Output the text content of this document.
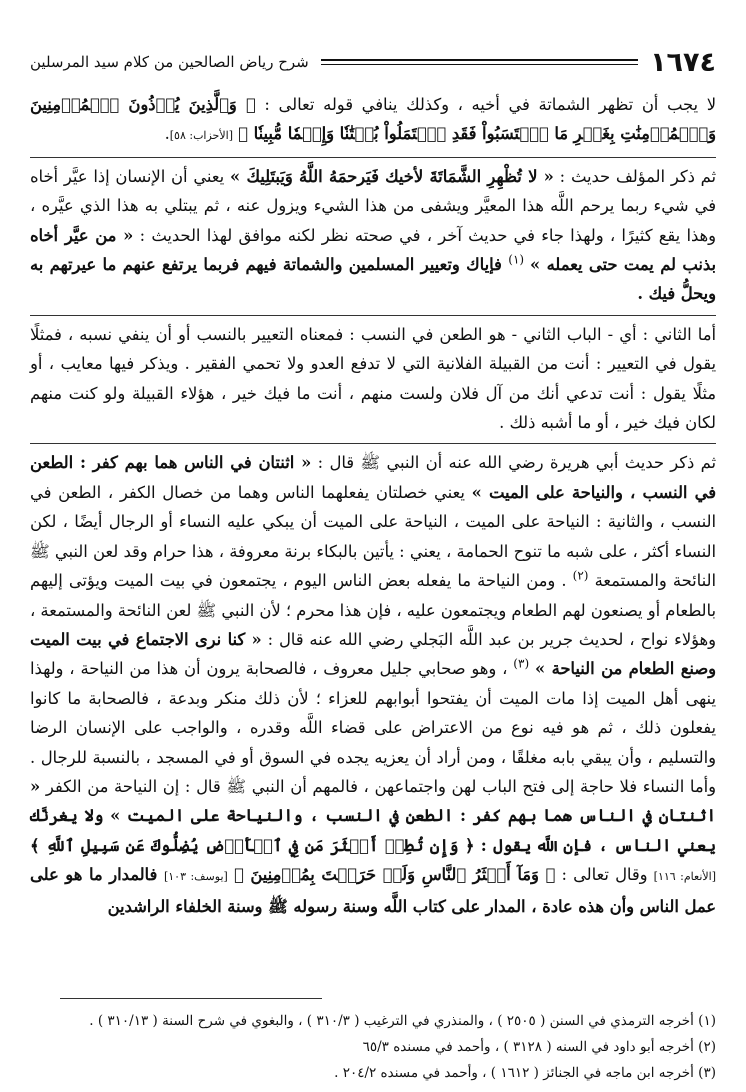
١٦٧٤
شرح رياض الصالحين من كلام سيد المرسلين

لا يجب أن تظهر الشماتة في أخيه ، وكذلك ينافي قوله تعالى : ﴿ وَٱلَّذِينَ يُؤۡذُونَ ٱلۡمُؤۡمِنِينَ وَٱلۡمُؤۡمِنَٰتِ بِغَيۡرِ مَا ٱكۡتَسَبُواْ فَقَدِ ٱحۡتَمَلُواْ بُهۡتَٰنٗا وَإِثۡمٗا مُّبِينٗا ﴾ [الأحزاب: ٥٨].

ثم ذكر المؤلف حديث : « لا تُظْهِرِ الشَّمَاتَةَ لأخيك فَيَرحمَهُ اللَّهُ وَيَبتَلِيكَ » يعني أن الإنسان إذا عيَّر أخاه في شيء ربما يرحم اللَّه هذا المعيَّر ويشفى من هذا الشيء ويزول عنه ، ثم يبتلي به هذا الذي عيَّره ، وهذا يقع كثيرًا ، ولهذا جاء في حديث آخر ، في صحته نظر لكنه موافق لهذا الحديث : « من عيَّر أخاه بذنب لم يمت حتى يعمله » $^{(١)}$ فإياك وتعيير المسلمين والشماتة فيهم فربما يرتفع عنهم ما عيرتهم به ويحلُّ فيك .

أما الثاني : أي - الباب الثاني - هو الطعن في النسب : فمعناه التعيير بالنسب أو أن ينفي نسبه ، فمثلًا يقول في التعيير : أنت من القبيلة الفلانية التي لا تدفع العدو ولا تحمي الفقير . ويذكر فيها معايب ، أو مثلًا يقول : أنت تدعي أنك من آل فلان ولست منهم ، أنت ما فيك خير ، هؤلاء القبيلة ولو كنت منهم لكان فيك خير ، أو ما أشبه ذلك .

ثم ذكر حديث أبي هريرة رضي الله عنه أن النبي ﷺ قال : « اثنتان في الناس هما بهم كفر : الطعن في النسب ، والنياحة على الميت » يعني خصلتان يفعلهما الناس وهما من خصال الكفر ، الطعن في النسب ، والثانية : النياحة على الميت ، النياحة على الميت أن يبكي عليه النساء أو الرجال أيضًا ، لكن النساء أكثر ، على شبه ما تنوح الحمامة ، يعني : يأتين بالبكاء برنة معروفة ، هذا حرام وقد لعن النبي ﷺ النائحة والمستمعة $^{(٢)}$ . ومن النياحة ما يفعله بعض الناس اليوم ، يجتمعون في بيت الميت ويؤتى إليهم بالطعام أو يصنعون لهم الطعام ويجتمعون عليه ، فإن هذا محرم ؛ لأن النبي ﷺ لعن النائحة والمستمعة ، وهؤلاء نواح ، لحديث جرير بن عبد اللَّه البَجلي رضي الله عنه قال : « كنا نرى الاجتماع في بيت الميت وصنع الطعام من النياحة » $^{(٣)}$ ، وهو صحابي جليل معروف ، فالصحابة يرون أن هذا من النياحة ، ولهذا ينهى أهل الميت إذا مات الميت أن يفتحوا أبوابهم للعزاء ؛ لأن ذلك منكر وبدعة ، فالصحابة ما كانوا يفعلون ذلك ، ثم هو فيه نوع من الاعتراض على قضاء اللَّه وقدره ، والواجب على الإنسان الرضا والتسليم ، وأن يبقي بابه مغلقًا ، ومن أراد أن يعزيه يجده في السوق أو في المسجد ، بالنسبة للرجال . وأما النساء فلا حاجة إلى فتح الباب لهن واجتماعهن ، فالمهم أن النبي ﷺ قال : إن النياحة من الكفر « اثنتان في الناس هما بهم كفر : الطعن في النسب ، والنياحة على الميت » ولا يغرنَّك يعني الناس ، فإن اللَّه يقول : ﴿ وَإِن تُطِعۡ أَكۡثَرَ مَن فِي ٱلۡأَرۡضِ يُضِلُّوكَ عَن سَبِيلِ ٱللَّهِ ﴾ [الأنعام: ١١٦] وقال تعالى : ﴿ وَمَآ أَكۡثَرُ ٱلنَّاسِ وَلَوۡ حَرَصۡتَ بِمُؤۡمِنِينَ ﴾ [يوسف: ١٠٣] فالمدار ما هو على عمل الناس وأن هذه عادة ، المدار على كتاب اللَّه وسنة رسوله ﷺ وسنة الخلفاء الراشدين

(١) أخرجه الترمذي في السنن ( ٢٥٠٥ ) ، والمنذري في الترغيب ( ٣١٠/٣ ) ، والبغوي في شرح السنة ( ٣١٠/١٣ ) .
(٢) أخرجه أبو داود في السنه ( ٣١٢٨ ) ، وأحمد في مسنده ٦٥/٣
(٣) أخرجه ابن ماجه في الجنائز ( ١٦١٢ ) ، وأحمد في مسنده ٢٠٤/٢ .
